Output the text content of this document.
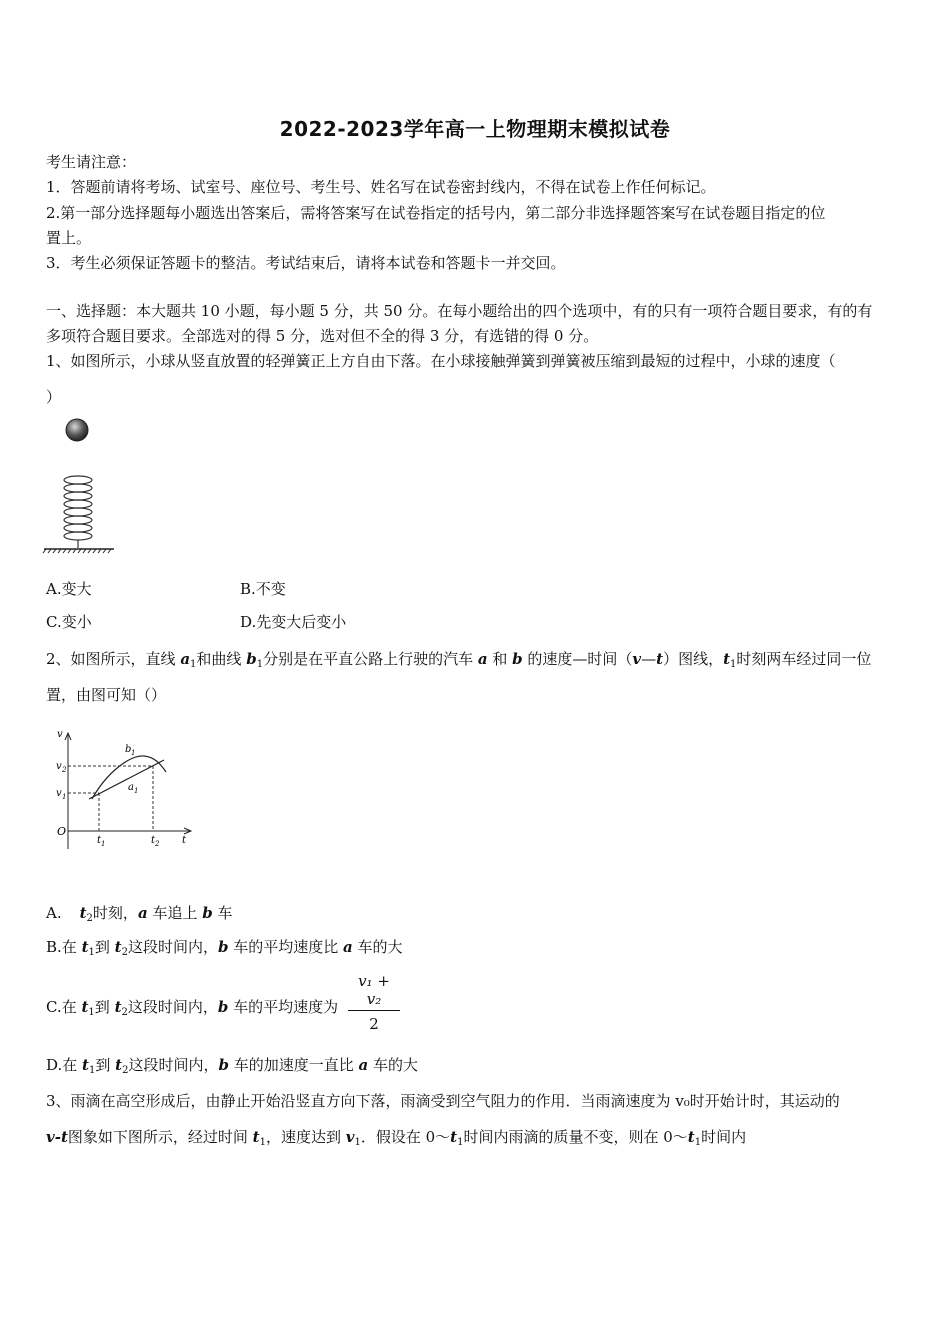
2022-2023学年高一上物理期末模拟试卷
考生请注意：
1．答题前请将考场、试室号、座位号、考生号、姓名写在试卷密封线内，不得在试卷上作任何标记。
2.第一部分选择题每小题选出答案后，需将答案写在试卷指定的括号内，第二部分非选择题答案写在试卷题目指定的位
置上。
3．考生必须保证答题卡的整洁。考试结束后，请将本试卷和答题卡一并交回。
一、选择题：本大题共 10 小题，每小题 5 分，共 50 分。在每小题给出的四个选项中，有的只有一项符合题目要求，有的有
多项符合题目要求。全部选对的得 5 分，选对但不全的得 3 分，有选错的得 0 分。
1、如图所示，小球从竖直放置的轻弹簧正上方自由下落。在小球接触弹簧到弹簧被压缩到最短的过程中，小球的速度（
）
A.变大	B.不变
C.变小	D.先变大后变小
2、如图所示，直线 $a_1$和曲线 $b_1$分别是在平直公路上行驶的汽车 a 和 b 的速度—时间（v—t）图线，$t_1$时刻两车经过同一位
置，由图可知（）
v
v 2
v 1
O
b 1
a 1
t 1	t 2 t
A. $t_2$时刻，a 车追上 b 车
B.在 $t_1$到 $t_2$这段时间内，b 车的平均速度比 a 车的大
C.在 $t_1$到 $t_2$这段时间内，b 车的平均速度为 $\frac{\text{v₁ + v₂}}{2}$
D.在 $t_1$到 $t_2$这段时间内，b 车的加速度一直比 a 车的大
3、雨滴在高空形成后，由静止开始沿竖直方向下落，雨滴受到空气阻力的作用．当雨滴速度为 v₀时开始计时，其运动的
v-t图象如下图所示，经过时间 $t_1$，速度达到 $v_1$．假设在 $0\sim t_1$时间内雨滴的质量不变，则在 $0\sim t_1$时间内
